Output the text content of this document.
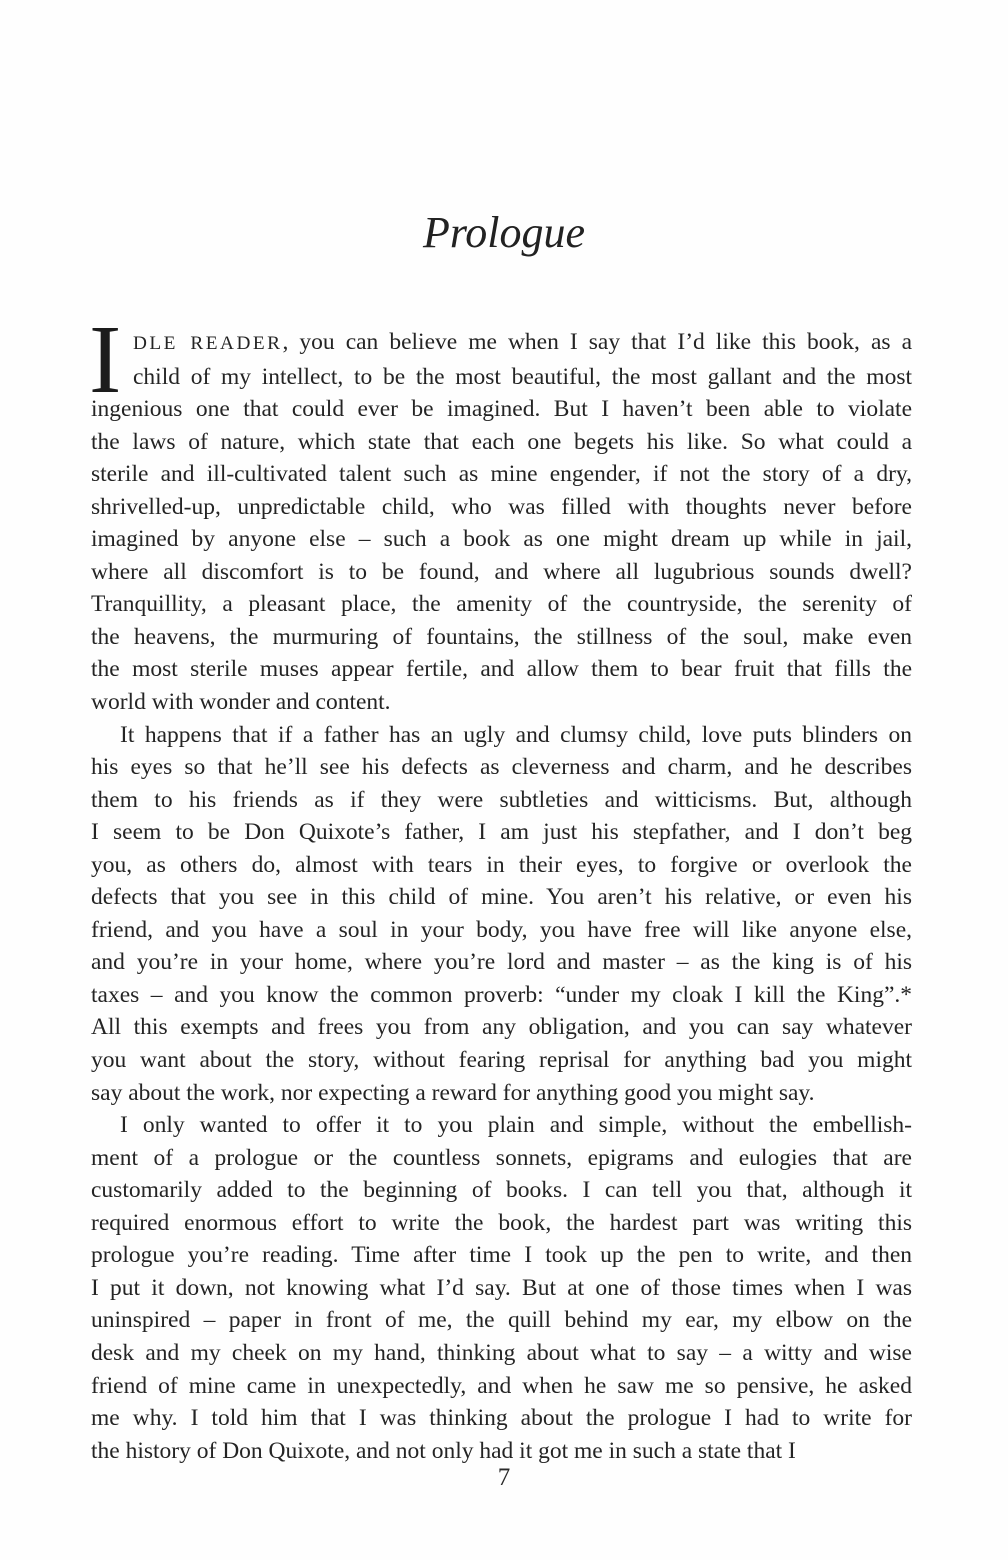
Prologue
I DLE READER, you can believe me when I say that I’d like this book, as a
child of my intellect, to be the most beautiful, the most gallant and the most
ingenious one that could ever be imagined. But I haven’t been able to violate
the laws of nature, which state that each one begets his like. So what could a
sterile and ill-cultivated talent such as mine engender, if not the story of a dry,
shrivelled-up, unpredictable child, who was filled with thoughts never before
imagined by anyone else – such a book as one might dream up while in jail,
where all discomfort is to be found, and where all lugubrious sounds dwell?
Tranquillity, a pleasant place, the amenity of the countryside, the serenity of
the heavens, the murmuring of fountains, the stillness of the soul, make even
the most sterile muses appear fertile, and allow them to bear fruit that fills the
world with wonder and content.
It happens that if a father has an ugly and clumsy child, love puts blinders on
his eyes so that he’ll see his defects as cleverness and charm, and he describes
them to his friends as if they were subtleties and witticisms. But, although
I seem to be Don Quixote’s father, I am just his stepfather, and I don’t beg
you, as others do, almost with tears in their eyes, to forgive or overlook the
defects that you see in this child of mine. You aren’t his relative, or even his
friend, and you have a soul in your body, you have free will like anyone else,
and you’re in your home, where you’re lord and master – as the king is of his
taxes – and you know the common proverb: “under my cloak I kill the King”.*
All this exempts and frees you from any obligation, and you can say whatever
you want about the story, without fearing reprisal for anything bad you might
say about the work, nor expecting a reward for anything good you might say.
I only wanted to offer it to you plain and simple, without the embellish-
ment of a prologue or the countless sonnets, epigrams and eulogies that are
customarily added to the beginning of books. I can tell you that, although it
required enormous effort to write the book, the hardest part was writing this
prologue you’re reading. Time after time I took up the pen to write, and then
I put it down, not knowing what I’d say. But at one of those times when I was
uninspired – paper in front of me, the quill behind my ear, my elbow on the
desk and my cheek on my hand, thinking about what to say – a witty and wise
friend of mine came in unexpectedly, and when he saw me so pensive, he asked
me why. I told him that I was thinking about the prologue I had to write for
the history of Don Quixote, and not only had it got me in such a state that I
7
